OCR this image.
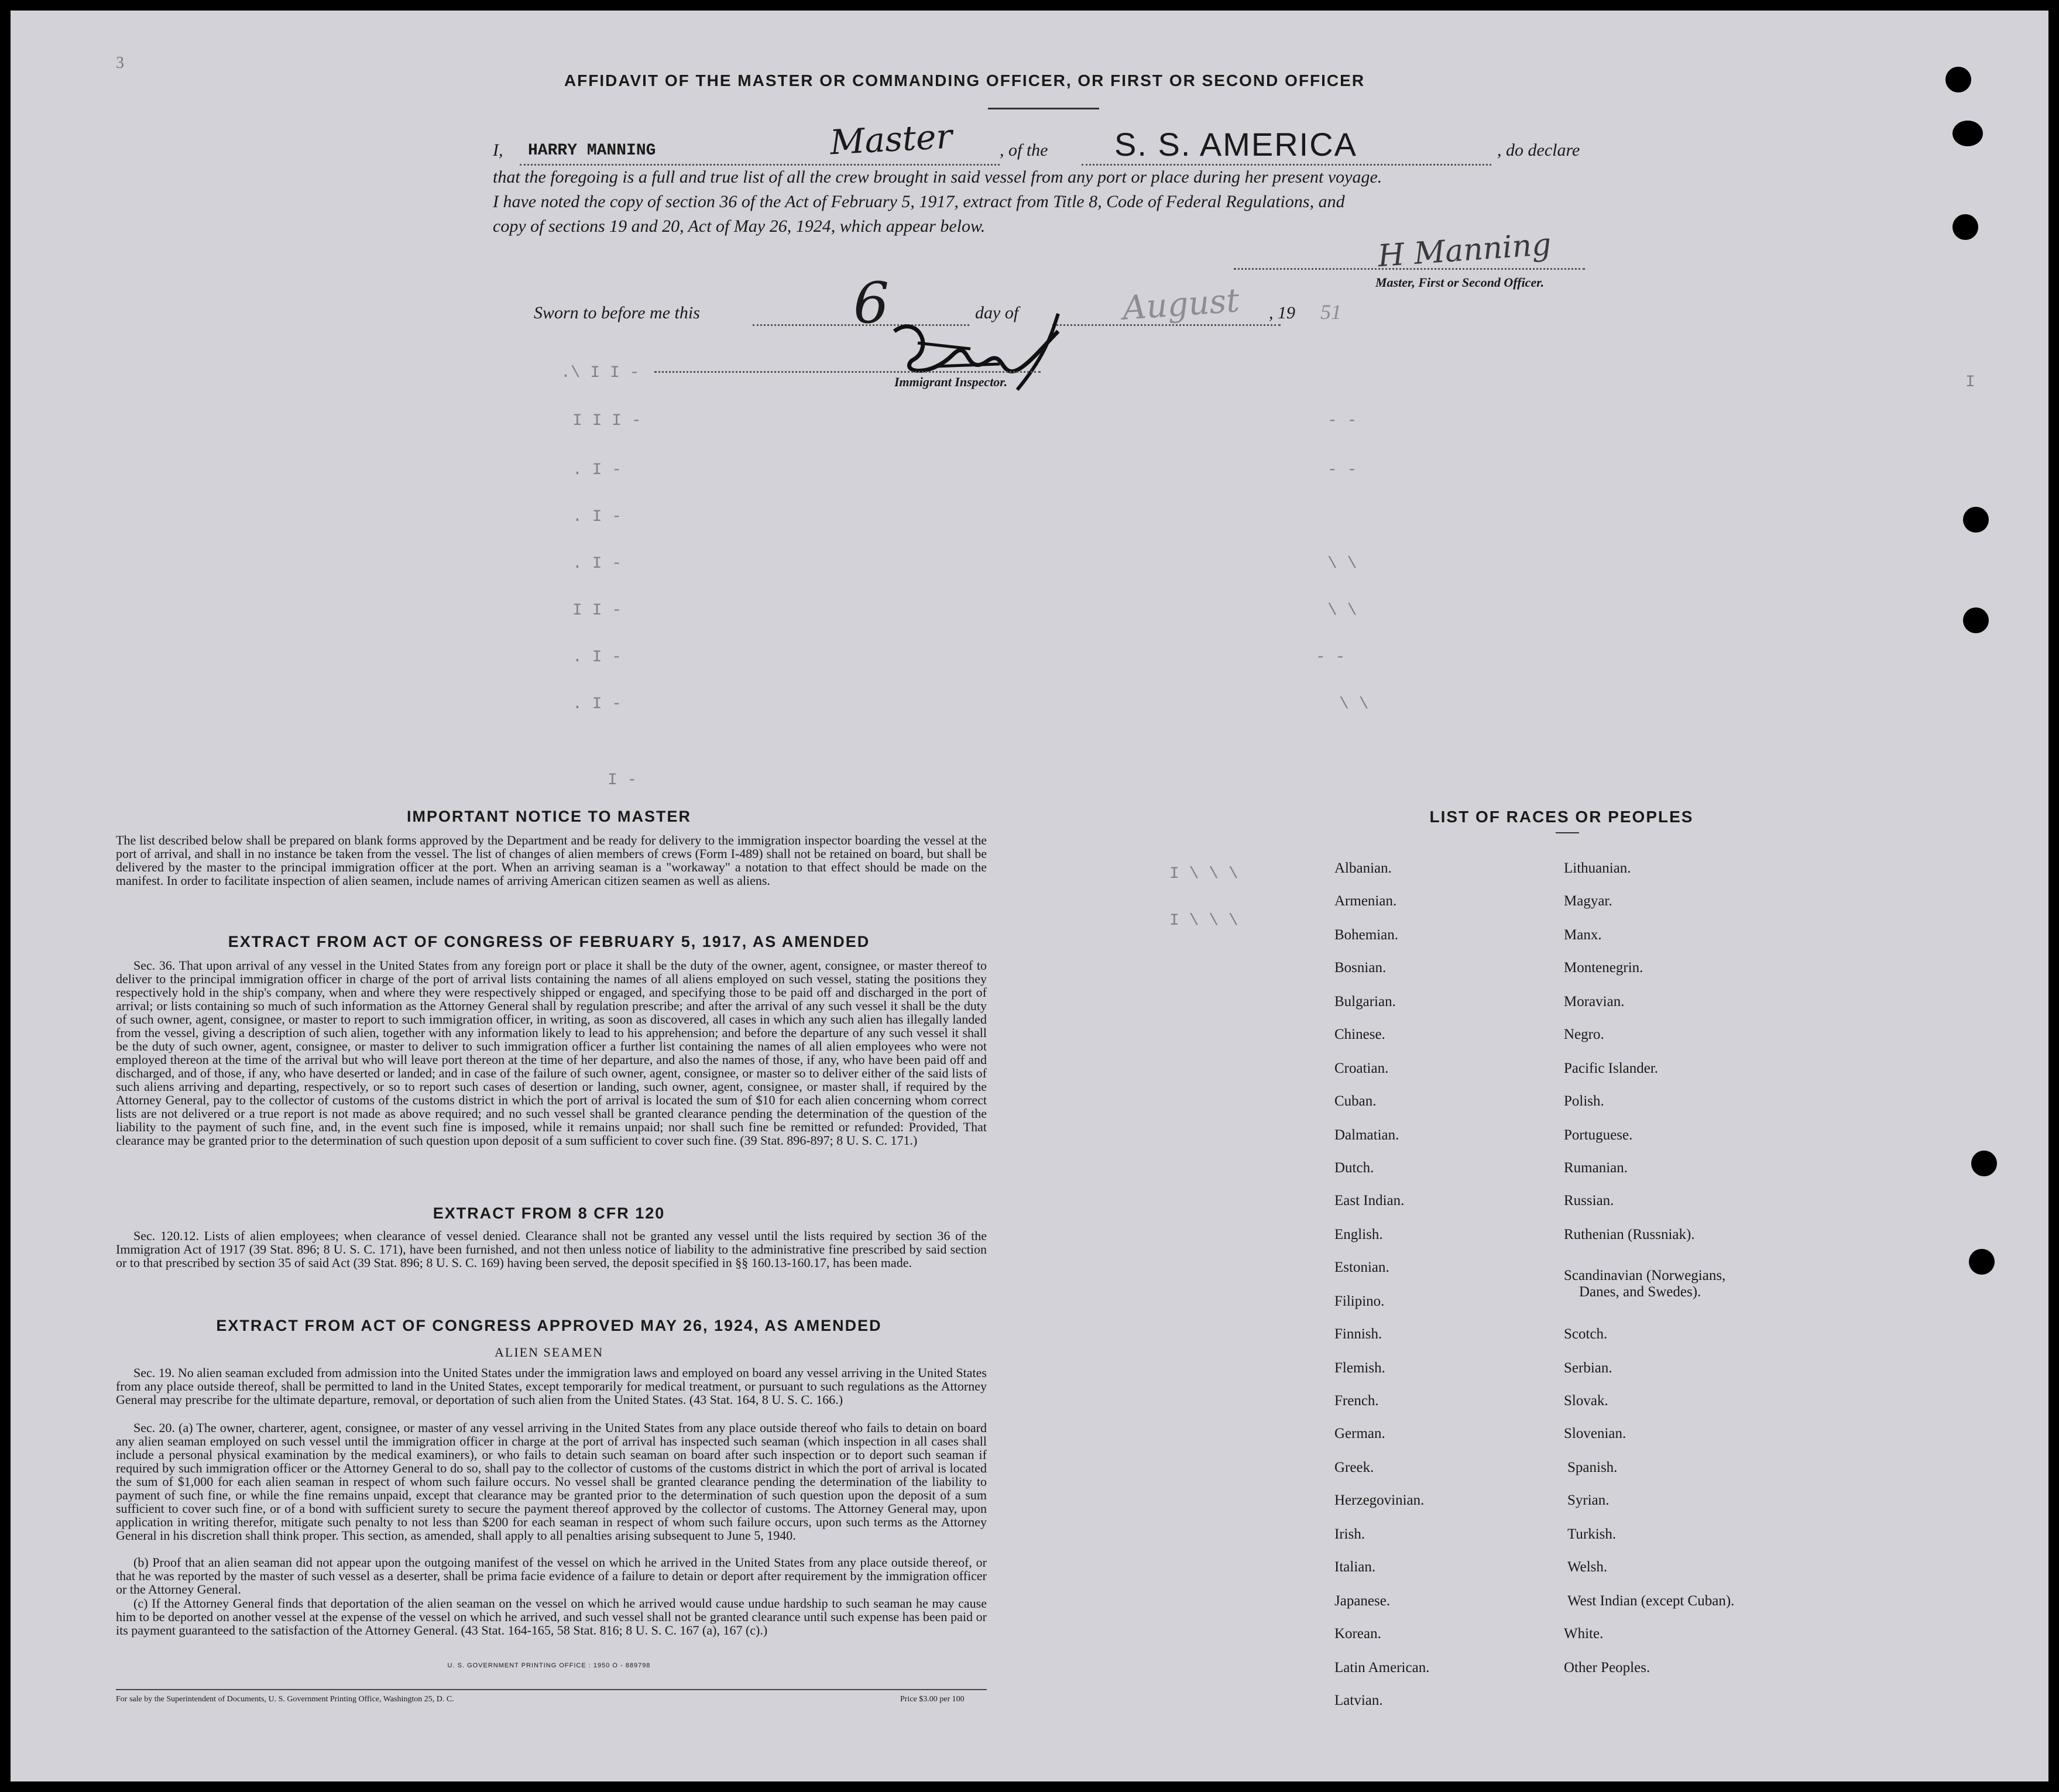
3
AFFIDAVIT OF THE MASTER OR COMMANDING OFFICER, OR FIRST OR SECOND OFFICER
I, HARRY MANNING	Master	, of the S. S. AMERICA	, do declare
that the foregoing is a full and true list of all the crew brought in said vessel from any port or place during her present voyage.
I have noted the copy of section 36 of the Act of February 5, 1917, extract from Title 8, Code of Federal Regulations, and
copy of sections 19 and 20, Act of May 26, 1924, which appear below.
H Manning
Master, First or Second Officer.
Sworn to before me this	6	day of	August , 19 51
Immigrant Inspector.
.\ I I -
I I I -
. I -
. I -
. I -
I I -
. I -
. I -
I -
- -
- -
\ \
\ \
- -
\ \
I \ \ \
I \ \ \
I
IMPORTANT NOTICE TO MASTER
The list described below shall be prepared on blank forms approved by the Department and be ready for delivery to the immigration inspector boarding the vessel at the port of arrival, and shall in no instance be taken from the vessel. The list of changes of alien members of crews (Form I-489) shall not be retained on board, but shall be delivered by the master to the principal immigration officer at the port. When an arriving seaman is a "workaway" a notation to that effect should be made on the manifest. In order to facilitate inspection of alien seamen, include names of arriving American citizen seamen as well as aliens.
EXTRACT FROM ACT OF CONGRESS OF FEBRUARY 5, 1917, AS AMENDED
Sec. 36. That upon arrival of any vessel in the United States from any foreign port or place it shall be the duty of the owner, agent, consignee, or master thereof to deliver to the principal immigration officer in charge of the port of arrival lists containing the names of all aliens employed on such vessel, stating the positions they respectively hold in the ship's company, when and where they were respectively shipped or engaged, and specifying those to be paid off and discharged in the port of arrival; or lists containing so much of such information as the Attorney General shall by regulation prescribe; and after the arrival of any such vessel it shall be the duty of such owner, agent, consignee, or master to report to such immigration officer, in writing, as soon as discovered, all cases in which any such alien has illegally landed from the vessel, giving a description of such alien, together with any information likely to lead to his apprehension; and before the departure of any such vessel it shall be the duty of such owner, agent, consignee, or master to deliver to such immigration officer a further list containing the names of all alien employees who were not employed thereon at the time of the arrival but who will leave port thereon at the time of her departure, and also the names of those, if any, who have been paid off and discharged, and of those, if any, who have deserted or landed; and in case of the failure of such owner, agent, consignee, or master so to deliver either of the said lists of such aliens arriving and departing, respectively, or so to report such cases of desertion or landing, such owner, agent, consignee, or master shall, if required by the Attorney General, pay to the collector of customs of the customs district in which the port of arrival is located the sum of $10 for each alien concerning whom correct lists are not delivered or a true report is not made as above required; and no such vessel shall be granted clearance pending the determination of the question of the liability to the payment of such fine, and, in the event such fine is imposed, while it remains unpaid; nor shall such fine be remitted or refunded: Provided, That clearance may be granted prior to the determination of such question upon deposit of a sum sufficient to cover such fine. (39 Stat. 896-897; 8 U. S. C. 171.)
EXTRACT FROM 8 CFR 120
Sec. 120.12. Lists of alien employees; when clearance of vessel denied. Clearance shall not be granted any vessel until the lists required by section 36 of the Immigration Act of 1917 (39 Stat. 896; 8 U. S. C. 171), have been furnished, and not then unless notice of liability to the administrative fine prescribed by said section or to that prescribed by section 35 of said Act (39 Stat. 896; 8 U. S. C. 169) having been served, the deposit specified in §§ 160.13-160.17, has been made.
EXTRACT FROM ACT OF CONGRESS APPROVED MAY 26, 1924, AS AMENDED
ALIEN SEAMEN
Sec. 19. No alien seaman excluded from admission into the United States under the immigration laws and employed on board any vessel arriving in the United States from any place outside thereof, shall be permitted to land in the United States, except temporarily for medical treatment, or pursuant to such regulations as the Attorney General may prescribe for the ultimate departure, removal, or deportation of such alien from the United States. (43 Stat. 164, 8 U. S. C. 166.)
Sec. 20. (a) The owner, charterer, agent, consignee, or master of any vessel arriving in the United States from any place outside thereof who fails to detain on board any alien seaman employed on such vessel until the immigration officer in charge at the port of arrival has inspected such seaman (which inspection in all cases shall include a personal physical examination by the medical examiners), or who fails to detain such seaman on board after such inspection or to deport such seaman if required by such immigration officer or the Attorney General to do so, shall pay to the collector of customs of the customs district in which the port of arrival is located the sum of $1,000 for each alien seaman in respect of whom such failure occurs. No vessel shall be granted clearance pending the determination of the liability to payment of such fine, or while the fine remains unpaid, except that clearance may be granted prior to the determination of such question upon the deposit of a sum sufficient to cover such fine, or of a bond with sufficient surety to secure the payment thereof approved by the collector of customs. The Attorney General may, upon application in writing therefor, mitigate such penalty to not less than $200 for each seaman in respect of whom such failure occurs, upon such terms as the Attorney General in his discretion shall think proper. This section, as amended, shall apply to all penalties arising subsequent to June 5, 1940.
(b) Proof that an alien seaman did not appear upon the outgoing manifest of the vessel on which he arrived in the United States from any place outside thereof, or that he was reported by the master of such vessel as a deserter, shall be prima facie evidence of a failure to detain or deport after requirement by the immigration officer or the Attorney General.
(c) If the Attorney General finds that deportation of the alien seaman on the vessel on which he arrived would cause undue hardship to such seaman he may cause him to be deported on another vessel at the expense of the vessel on which he arrived, and such vessel shall not be granted clearance until such expense has been paid or its payment guaranteed to the satisfaction of the Attorney General. (43 Stat. 164-165, 58 Stat. 816; 8 U. S. C. 167 (a), 167 (c).)
U. S. GOVERNMENT PRINTING OFFICE : 1950 O - 889798
For sale by the Superintendent of Documents, U. S. Government Printing Office, Washington 25, D. C.	Price $3.00 per 100
LIST OF RACES OR PEOPLES
Albanian.
Armenian.
Bohemian.
Bosnian.
Bulgarian.
Chinese.
Croatian.
Cuban.
Dalmatian.
Dutch.
East Indian.
English.
Estonian.
Filipino.
Finnish.
Flemish.
French.
German.
Greek.
Herzegovinian.
Irish.
Italian.
Japanese.
Korean.
Latin American.
Latvian.
Lithuanian.
Magyar.
Manx.
Montenegrin.
Moravian.
Negro.
Pacific Islander.
Polish.
Portuguese.
Rumanian.
Russian.
Ruthenian (Russniak).
Scandinavian (Norwegians,
Danes, and Swedes).
Scotch.
Serbian.
Slovak.
Slovenian.
Spanish.
Syrian.
Turkish.
Welsh.
West Indian (except Cuban).
White.
Other Peoples.
